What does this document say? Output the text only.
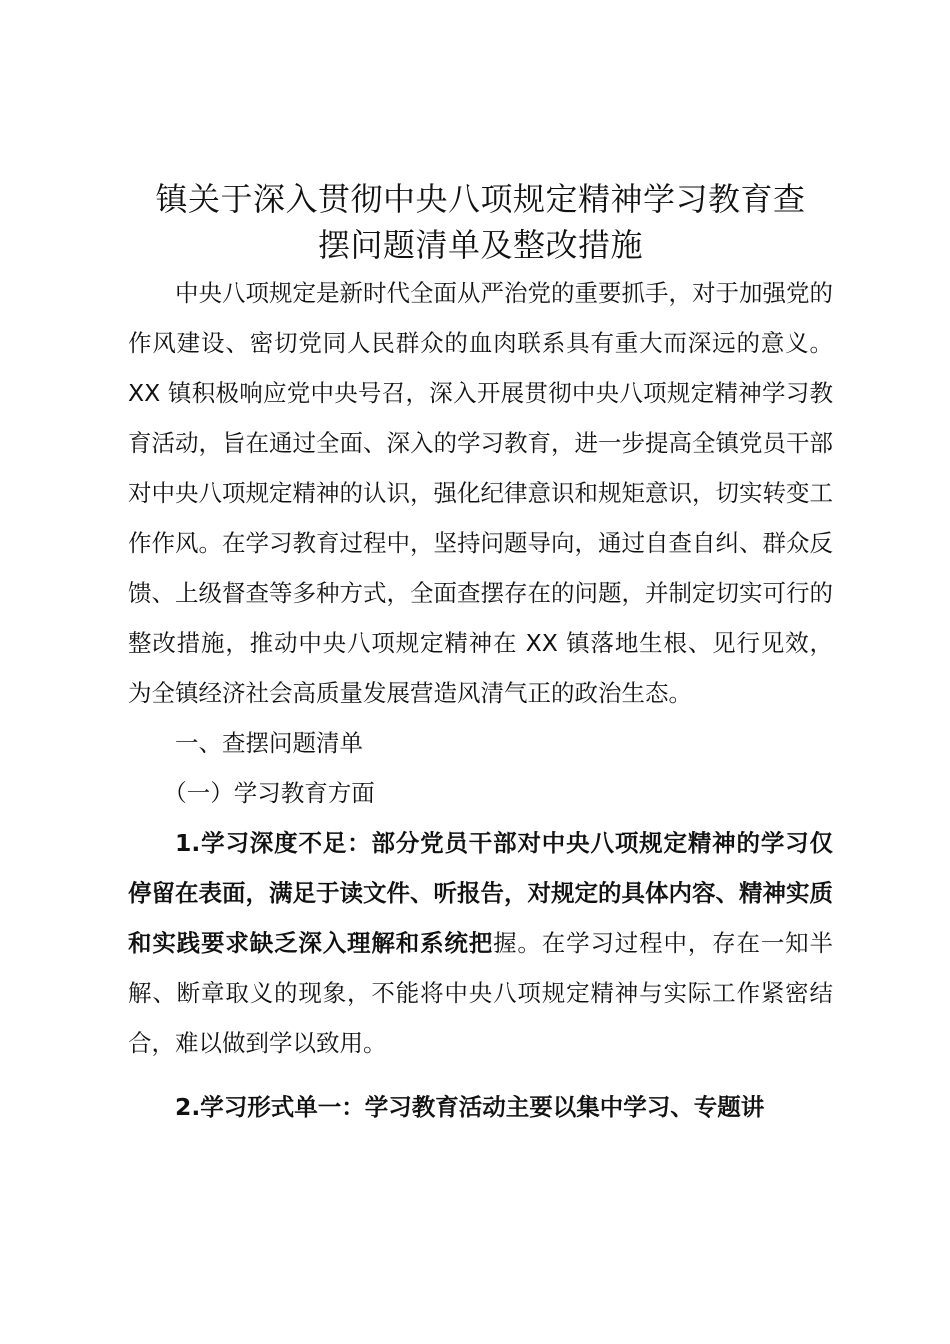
镇关于深入贯彻中央八项规定精神学习教育查
摆问题清单及整改措施

中央八项规定是新时代全面从严治党的重要抓手，对于加强党的作风建设、密切党同人民群众的血肉联系具有重大而深远的意义。XX 镇积极响应党中央号召，深入开展贯彻中央八项规定精神学习教育活动，旨在通过全面、深入的学习教育，进一步提高全镇党员干部对中央八项规定精神的认识，强化纪律意识和规矩意识，切实转变工作作风。在学习教育过程中，坚持问题导向，通过自查自纠、群众反馈、上级督查等多种方式，全面查摆存在的问题，并制定切实可行的整改措施，推动中央八项规定精神在 XX 镇落地生根、见行见效，为全镇经济社会高质量发展营造风清气正的政治生态。

一、查摆问题清单

（一）学习教育方面

1.学习深度不足：部分党员干部对中央八项规定精神的学习仅停留在表面，满足于读文件、听报告，对规定的具体内容、精神实质和实践要求缺乏深入理解和系统把握。在学习过程中，存在一知半解、断章取义的现象，不能将中央八项规定精神与实际工作紧密结合，难以做到学以致用。

2.学习形式单一：学习教育活动主要以集中学习、专题讲
